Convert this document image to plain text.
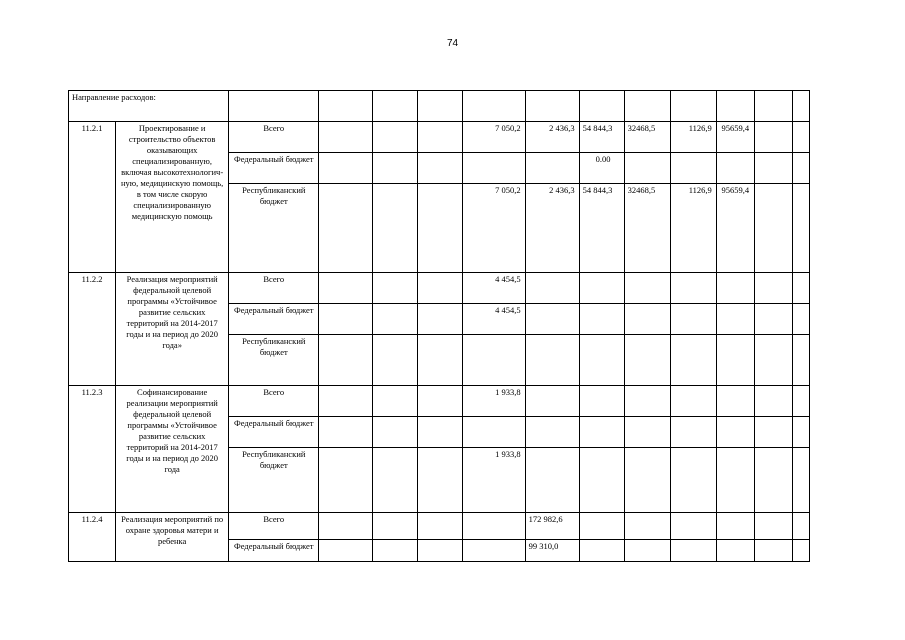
74
Направление расходов:													
11.2.1	Проектирование и строительство объектов оказывающих специализированную, включая высокотехнологич-ную, медицинскую помощь, в том числе скорую специализированную медицинскую помощь	Всего				7 050,2	2 436,3	54 844,3	32468,5	1126,9	95659,4		
		Федеральный бюджет						0.00					
		Республиканский бюджет				7 050,2	2 436,3	54 844,3	32468,5	1126,9	95659,4		
11.2.2	Реализация мероприятий федеральной целевой программы «Устойчивое развитие сельских территорий на 2014-2017 годы и на период до 2020 года»	Всего				4 454,5							
		Федеральный бюджет				4 454,5							
		Республиканский бюджет											
11.2.3	Софинансирование реализации мероприятий федеральной целевой программы «Устойчивое развитие сельских территорий на 2014-2017 годы и на период до 2020 года	Всего				1 933,8							
		Федеральный бюджет											
		Республиканский бюджет				1 933,8							
11.2.4	Реализация мероприятий по охране здоровья матери и ребенка	Всего					172 982,6						
		Федеральный бюджет					99 310,0						
